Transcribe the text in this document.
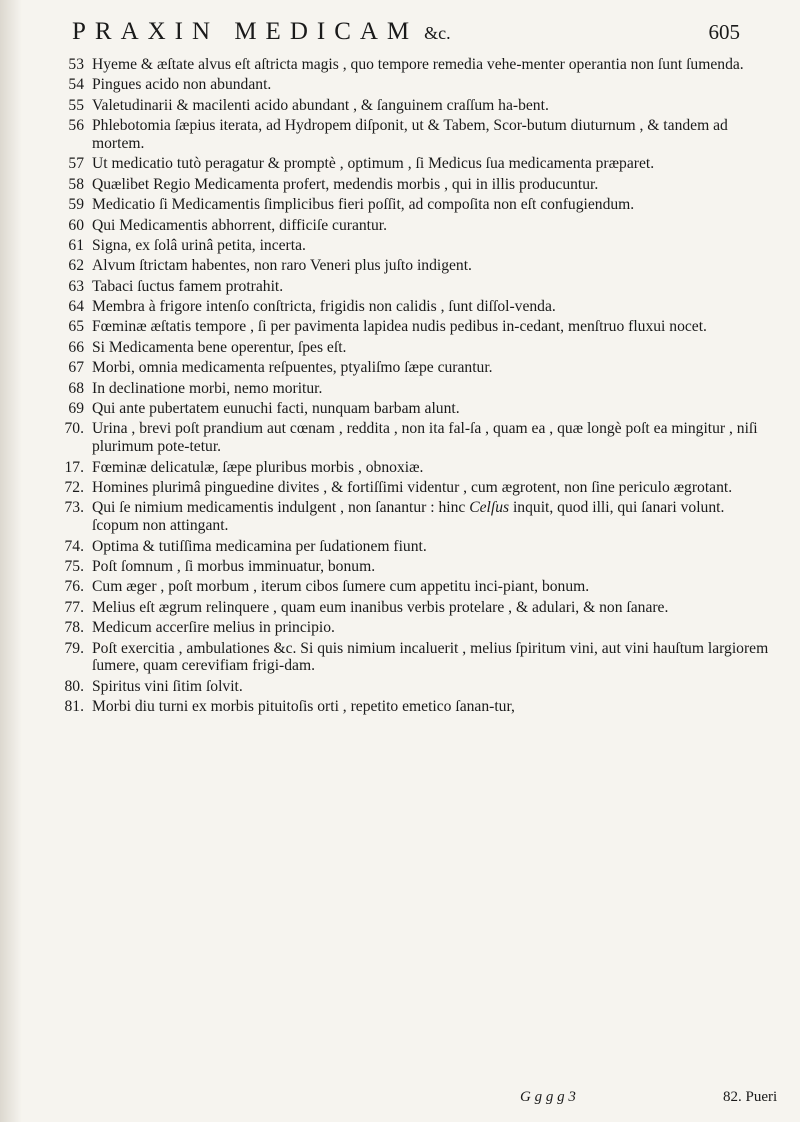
PRAXIN MEDICAM &c.	605
53 Hyeme & æſtate alvus eſt aſtricta magis , quo tempore remedia vehe-menter operantia non ſunt ſumenda.
54 Pingues acido non abundant.
55 Valetudinarii & macilenti acido abundant , & ſanguinem craſſum ha-bent.
56 Phlebotomia ſæpius iterata, ad Hydropem diſponit, ut & Tabem, Scor-butum diuturnum , & tandem ad mortem.
57 Ut medicatio tutò peragatur & promptè , optimum , ſi Medicus ſua medicamenta præparet.
58 Quælibet Regio Medicamenta profert, medendis morbis , qui in illis producuntur.
59 Medicatio ſi Medicamentis ſimplicibus fieri poſſit, ad compoſita non eſt confugiendum.
60 Qui Medicamentis abhorrent, difficiſe curantur.
61 Signa, ex ſolâ urinâ petita, incerta.
62 Alvum ſtrictam habentes, non raro Veneri plus juſto indigent.
63 Tabaci ſuctus famem protrahit.
64 Membra à frigore intenſo conſtricta, frigidis non calidis , ſunt diſſol-venda.
65 Fœminæ æſtatis tempore , ſi per pavimenta lapidea nudis pedibus in-cedant, menſtruo fluxui nocet.
66 Si Medicamenta bene operentur, ſpes eſt.
67 Morbi, omnia medicamenta reſpuentes, ptyaliſmo ſæpe curantur.
68 In declinatione morbi, nemo moritur.
69 Qui ante pubertatem eunuchi facti, nunquam barbam alunt.
70. Urina , brevi poſt prandium aut cœnam , reddita , non ita fal-ſa , quam ea , quæ longè poſt ea mingitur , niſi plurimum pote-tetur.
17. Fœminæ delicatulæ, ſæpe pluribus morbis , obnoxiæ.
72. Homines plurimâ pinguedine divites , & fortiſſimi videntur , cum ægrotent, non ſine periculo ægrotant.
73. Qui ſe nimium medicamentis indulgent , non ſanantur : hinc Celſus inquit, quod illi, qui ſanari volunt. ſcopum non attingant.
74. Optima & tutiſſima medicamina per ſudationem fiunt.
75. Poſt ſomnum , ſi morbus imminuatur, bonum.
76. Cum æger , poſt morbum , iterum cibos ſumere cum appetitu inci-piant, bonum.
77. Melius eſt ægrum relinquere , quam eum inanibus verbis protelare , & adulari, & non ſanare.
78. Medicum accerſire melius in principio.
79. Poſt exercitia , ambulationes &c. Si quis nimium incaluerit , melius ſpiritum vini, aut vini hauſtum largiorem ſumere, quam cerevifiam frigi-dam.
80. Spiritus vini ſitim ſolvit.
81. Morbi diu turni ex morbis pituitoſis orti , repetito emetico ſanan-tur,
G g g g 3	82. Pueri
